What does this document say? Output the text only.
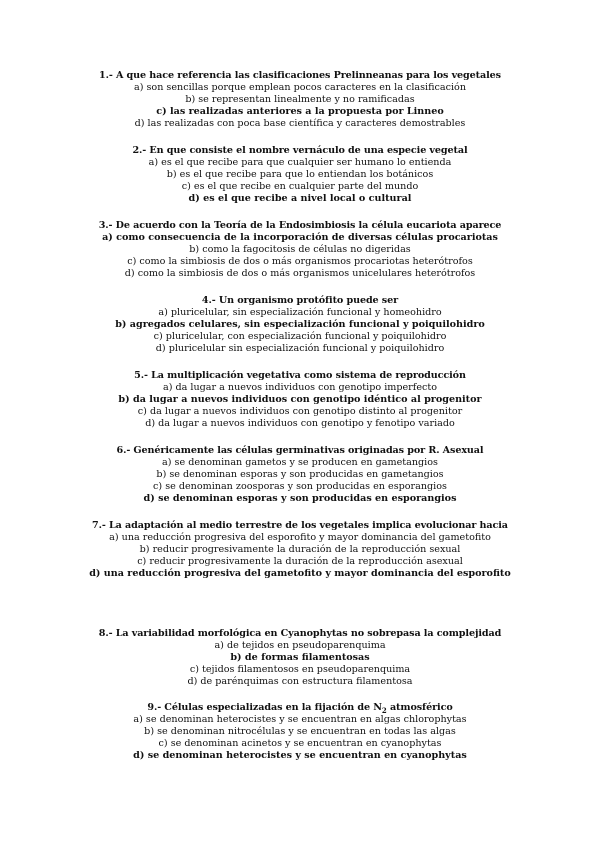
1.- A que hace referencia las clasificaciones Prelinneanas para los vegetales
a) son sencillas porque emplean pocos caracteres en la clasificación
b) se representan linealmente y no ramificadas
c) las realizadas anteriores a la propuesta por Linneo
d) las realizadas con poca base científica y caracteres demostrables
2.- En que consiste el nombre vernáculo de una especie vegetal
a) es el que recibe para que cualquier ser humano lo entienda
b) es el que recibe para que lo entiendan los botánicos
c) es el que recibe en cualquier parte del mundo
d) es el que recibe a nivel local o cultural
3.- De acuerdo con la Teoría de la Endosimbiosis la célula eucariota aparece
a) como consecuencia de la incorporación de diversas células procariotas
b) como la fagocitosis de células no digeridas
c) como la simbiosis de dos o más organismos procariotas heterótrofos
d) como la simbiosis de dos o más organismos unicelulares heterótrofos
4.- Un organismo protófito puede ser
a) pluricelular, sin especialización funcional y homeohidro
b) agregados celulares, sin especialización funcional y poiquilohidro
c) pluricelular, con especialización funcional y poiquilohidro
d) pluricelular sin especialización funcional y poiquilohidro
5.- La multiplicación vegetativa como sistema de reproducción
a) da lugar a nuevos individuos con genotipo imperfecto
b) da lugar a nuevos individuos con genotipo idéntico al progenitor
c) da lugar a nuevos individuos con genotipo distinto al progenitor
d) da lugar a nuevos individuos con genotipo y fenotipo variado
6.- Genéricamente las células germinativas originadas por R. Asexual
a) se denominan gametos y se producen en gametangios
b) se denominan esporas y son producidas en gametangios
c) se denominan zoosporas y son producidas en esporangios
d) se denominan esporas y son producidas en esporangios
7.- La adaptación al medio terrestre de los vegetales implica evolucionar hacia
a) una reducción progresiva del esporofito y mayor dominancia del gametofito
b) reducir progresivamente la duración de la reproducción sexual
c) reducir progresivamente la duración de la reproducción asexual
d) una reducción progresiva del gametofito y mayor dominancia del esporofito
8.- La variabilidad morfológica en Cyanophytas no sobrepasa la complejidad
a) de tejidos en pseudoparenquima
b) de formas filamentosas
c) tejidos filamentosos en pseudoparenquima
d) de parénquimas con estructura filamentosa
9.- Células especializadas en la fijación de $N_2$ atmosférico
a) se denominan heterocistes y se encuentran en algas chlorophytas
b) se denominan nitrocélulas y se encuentran en todas las algas
c) se denominan acinetos y se encuentran en cyanophytas
d) se denominan heterocistes y se encuentran en cyanophytas
